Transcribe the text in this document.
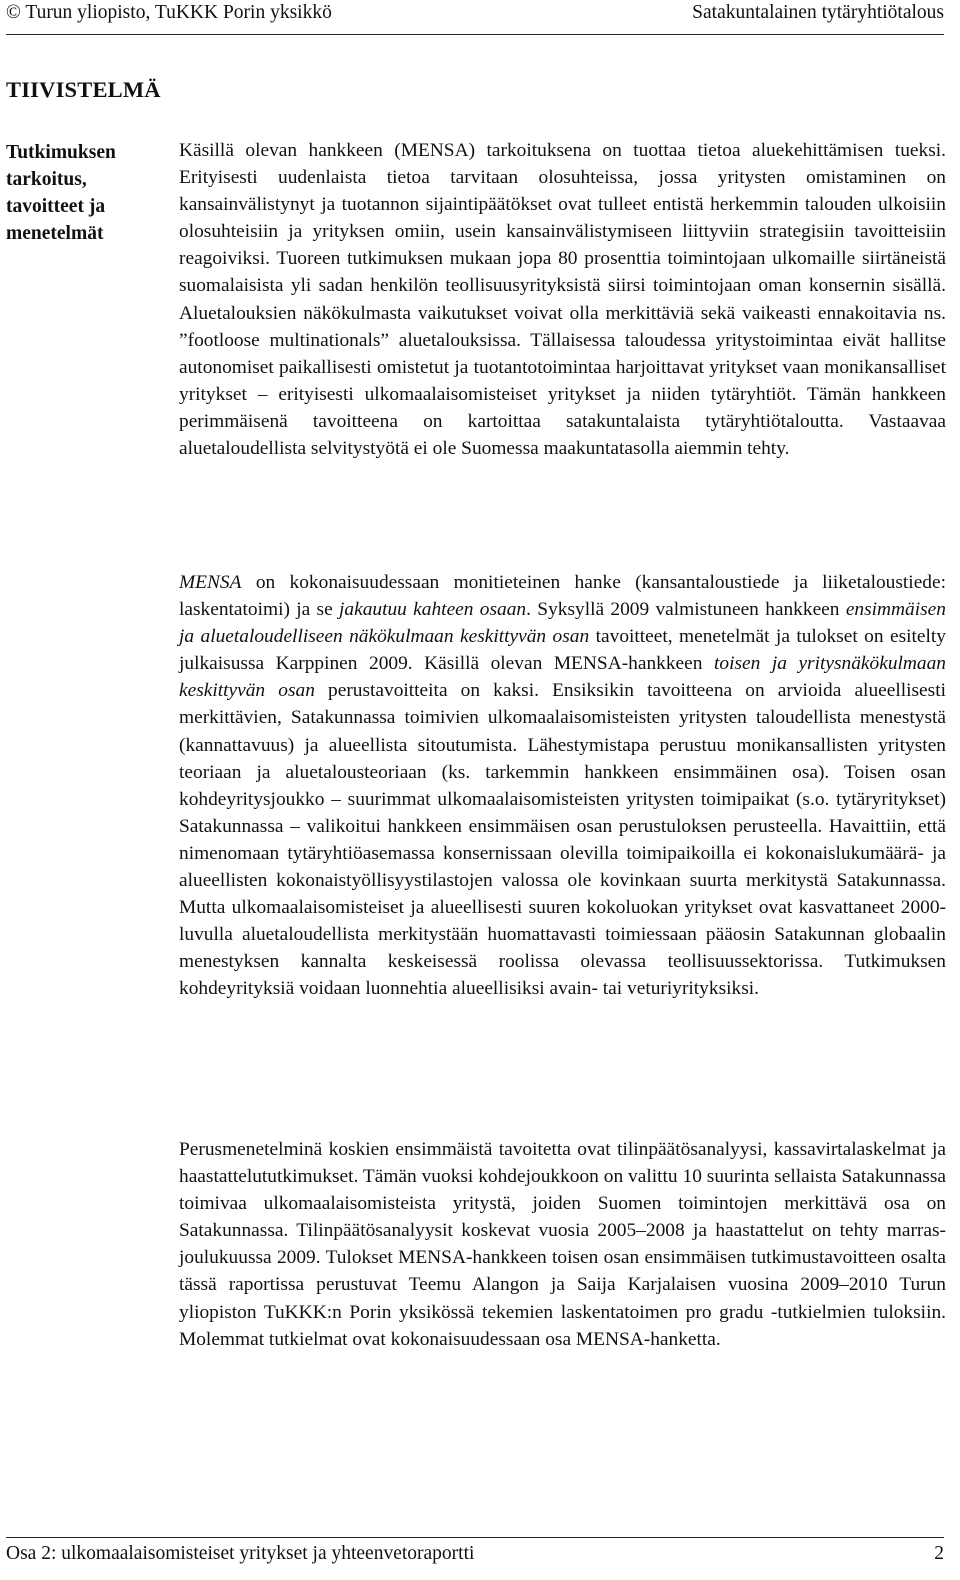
© Turun yliopisto, TuKKK Porin yksikkö	Satakuntalainen tytäryhtiötalous
TIIVISTELMÄ
Tutkimuksen
tarkoitus,
tavoitteet ja
menetelmät

Käsillä olevan hankkeen (MENSA) tarkoituksena on tuottaa tietoa aluekehittämisen tueksi. Erityisesti uudenlaista tietoa tarvitaan olosuhteissa, jossa yritysten omistaminen on kansainvälistynyt ja tuotannon sijaintipäätökset ovat tulleet entistä herkemmin talouden ulkoisiin olosuhteisiin ja yrityksen omiin, usein kansainvälistymiseen liittyviin strategisiin tavoitteisiin reagoiviksi. Tuoreen tutkimuksen mukaan jopa 80 prosenttia toimintojaan ulkomaille siirtäneistä suomalaisista yli sadan henkilön teollisuusyrityksistä siirsi toimintojaan oman konsernin sisällä. Aluetalouksien näkökulmasta vaikutukset voivat olla merkittäviä sekä vaikeasti ennakoitavia ns. ”footloose multinationals” aluetalouksissa. Tällaisessa taloudessa yritystoimintaa eivät hallitse autonomiset paikallisesti omistetut ja tuotantotoimintaa harjoittavat yritykset vaan monikansalliset yritykset – erityisesti ulkomaalaisomisteiset yritykset ja niiden tytäryhtiöt. Tämän hankkeen perimmäisenä tavoitteena on kartoittaa satakuntalaista tytäryhtiötaloutta. Vastaavaa aluetaloudellista selvitystyötä ei ole Suomessa maakuntatasolla aiemmin tehty.

MENSA on kokonaisuudessaan monitieteinen hanke (kansantaloustiede ja liiketaloustiede: laskentatoimi) ja se jakautuu kahteen osaan. Syksyllä 2009 valmistuneen hankkeen ensimmäisen ja aluetaloudelliseen näkökulmaan keskittyvän osan tavoitteet, menetelmät ja tulokset on esitelty julkaisussa Karppinen 2009. Käsillä olevan MENSA-hankkeen toisen ja yritysnäkökulmaan keskittyvän osan perustavoitteita on kaksi. Ensiksikin tavoitteena on arvioida alueellisesti merkittävien, Satakunnassa toimivien ulkomaalaisomisteisten yritysten taloudellista menestystä (kannattavuus) ja alueellista sitoutumista. Lähestymistapa perustuu monikansallisten yritysten teoriaan ja aluetalousteoriaan (ks. tarkemmin hankkeen ensimmäinen osa). Toisen osan kohdeyritysjoukko – suurimmat ulkomaalaisomisteisten yritysten toimipaikat (s.o. tytäryritykset) Satakunnassa – valikoitui hankkeen ensimmäisen osan perustuloksen perusteella. Havaittiin, että nimenomaan tytäryhtiöasemassa konsernissaan olevilla toimipaikoilla ei kokonaislukumäärä- ja alueellisten kokonaistyöllisyystilastojen valossa ole kovinkaan suurta merkitystä Satakunnassa. Mutta ulkomaalaisomisteiset ja alueellisesti suuren kokoluokan yritykset ovat kasvattaneet 2000-luvulla aluetaloudellista merkitystään huomattavasti toimiessaan pääosin Satakunnan globaalin menestyksen kannalta keskeisessä roolissa olevassa teollisuussektorissa. Tutkimuksen kohdeyrityksiä voidaan luonnehtia alueellisiksi avain- tai veturiyrityksiksi.

Perusmenetelminä koskien ensimmäistä tavoitetta ovat tilinpäätösanalyysi, kassavirtalaskelmat ja haastattelututkimukset. Tämän vuoksi kohdejoukkoon on valittu 10 suurinta sellaista Satakunnassa toimivaa ulkomaalaisomisteista yritystä, joiden Suomen toimintojen merkittävä osa on Satakunnassa. Tilinpäätösanalyysit koskevat vuosia 2005–2008 ja haastattelut on tehty marrasjoulukuussa 2009. Tulokset MENSA-hankkeen toisen osan ensimmäisen tutkimustavoitteen osalta tässä raportissa perustuvat Teemu Alangon ja Saija Karjalaisen vuosina 2009–2010 Turun yliopiston TuKKK:n Porin yksikössä tekemien laskentatoimen pro gradu -tutkielmien tuloksiin. Molemmat tutkielmat ovat kokonaisuudessaan osa MENSA-hanketta.

Osa 2: ulkomaalaisomisteiset yritykset ja yhteenvetoraportti	2
